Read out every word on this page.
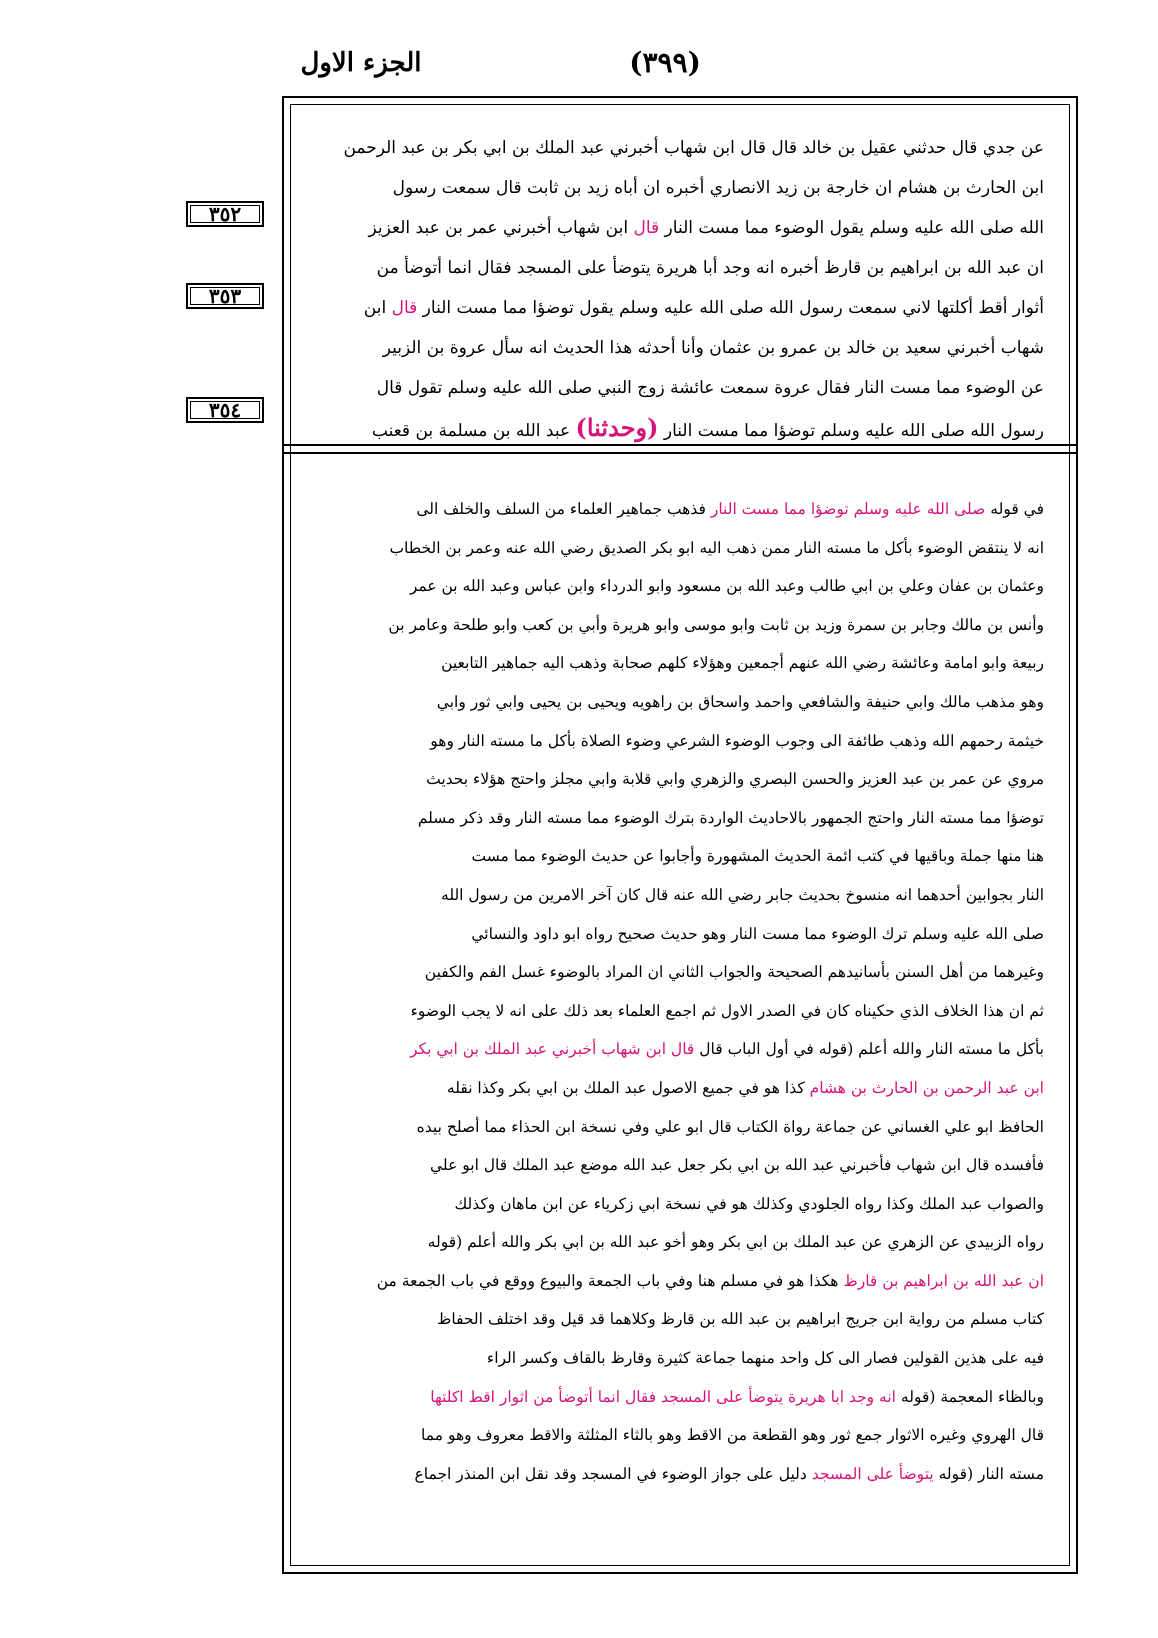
الجزء الاول	(٣٩٩)
٣٥٢
٣٥٣
٣٥٤
عن جدي قال حدثني عقيل بن خالد قال قال ابن شهاب أخبرني عبد الملك بن ابي بكر بن عبد الرحمن
ابن الحارث بن هشام ان خارجة بن زيد الانصاري أخبره ان أباه زيد بن ثابت قال سمعت رسول
الله صلى الله عليه وسلم يقول الوضوء مما مست النار قال ابن شهاب أخبرني عمر بن عبد العزيز
ان عبد الله بن ابراهيم بن قارظ أخبره انه وجد أبا هريرة يتوضأ على المسجد فقال انما أتوضأ من
أثوار أقط أكلتها لاني سمعت رسول الله صلى الله عليه وسلم يقول توضؤا مما مست النار قال ابن
شهاب أخبرني سعيد بن خالد بن عمرو بن عثمان وأنا أحدثه هذا الحديث انه سأل عروة بن الزبير
عن الوضوء مما مست النار فقال عروة سمعت عائشة زوج النبي صلى الله عليه وسلم تقول قال
رسول الله صلى الله عليه وسلم توضؤا مما مست النار (وحدثنا) عبد الله بن مسلمة بن قعنب
في قوله صلى الله عليه وسلم توضؤا مما مست النار فذهب جماهير العلماء من السلف والخلف الى
انه لا ينتقض الوضوء بأكل ما مسته النار ممن ذهب اليه ابو بكر الصديق رضي الله عنه وعمر بن الخطاب
وعثمان بن عفان وعلي بن ابي طالب وعبد الله بن مسعود وابو الدرداء وابن عباس وعبد الله بن عمر
وأنس بن مالك وجابر بن سمرة وزيد بن ثابت وابو موسى وابو هريرة وأبي بن كعب وابو طلحة وعامر بن
ربيعة وابو امامة وعائشة رضي الله عنهم أجمعين وهؤلاء كلهم صحابة وذهب اليه جماهير التابعين
وهو مذهب مالك وابي حنيفة والشافعي واحمد واسحاق بن راهويه ويحيى بن يحيى وابي ثور وابي
خيثمة رحمهم الله وذهب طائفة الى وجوب الوضوء الشرعي وضوء الصلاة بأكل ما مسته النار وهو
مروي عن عمر بن عبد العزيز والحسن البصري والزهري وابي قلابة وابي مجلز واحتج هؤلاء بحديث
توضؤا مما مسته النار واحتج الجمهور بالاحاديث الواردة بترك الوضوء مما مسته النار وقد ذكر مسلم
هنا منها جملة وباقيها في كتب ائمة الحديث المشهورة وأجابوا عن حديث الوضوء مما مست
النار بجوابين أحدهما انه منسوخ بحديث جابر رضي الله عنه قال كان آخر الامرين من رسول الله
صلى الله عليه وسلم ترك الوضوء مما مست النار وهو حديث صحيح رواه ابو داود والنسائي
وغيرهما من أهل السنن بأسانيدهم الصحيحة والجواب الثاني ان المراد بالوضوء غسل الفم والكفين
ثم ان هذا الخلاف الذي حكيناه كان في الصدر الاول ثم اجمع العلماء بعد ذلك على انه لا يجب الوضوء
بأكل ما مسته النار والله أعلم (قوله في أول الباب قال قال ابن شهاب أخبرني عبد الملك بن ابي بكر
ابن عبد الرحمن بن الحارث بن هشام كذا هو في جميع الاصول عبد الملك بن ابي بكر وكذا نقله
الحافظ ابو علي الغساني عن جماعة رواة الكتاب قال ابو علي وفي نسخة ابن الحذاء مما أصلح بيده
فأفسده قال ابن شهاب فأخبرني عبد الله بن ابي بكر جعل عبد الله موضع عبد الملك قال ابو علي
والصواب عبد الملك وكذا رواه الجلودي وكذلك هو في نسخة ابي زكرياء عن ابن ماهان وكذلك
رواه الزبيدي عن الزهري عن عبد الملك بن ابي بكر وهو أخو عبد الله بن ابي بكر والله أعلم (قوله
ان عبد الله بن ابراهيم بن قارظ هكذا هو في مسلم هنا وفي باب الجمعة والبيوع ووقع في باب الجمعة من
كتاب مسلم من رواية ابن جريج ابراهيم بن عبد الله بن قارظ وكلاهما قد قيل وقد اختلف الحفاظ
فيه على هذين القولين فصار الى كل واحد منهما جماعة كثيرة وقارظ بالقاف وكسر الراء
وبالظاء المعجمة (قوله انه وجد ابا هريرة يتوضأ على المسجد فقال انما أتوضأ من اثوار اقط اكلتها
قال الهروي وغيره الاثوار جمع ثور وهو القطعة من الاقط وهو بالثاء المثلثة والاقط معروف وهو مما
مسته النار (قوله يتوضأ على المسجد دليل على جواز الوضوء في المسجد وقد نقل ابن المنذر اجماع
